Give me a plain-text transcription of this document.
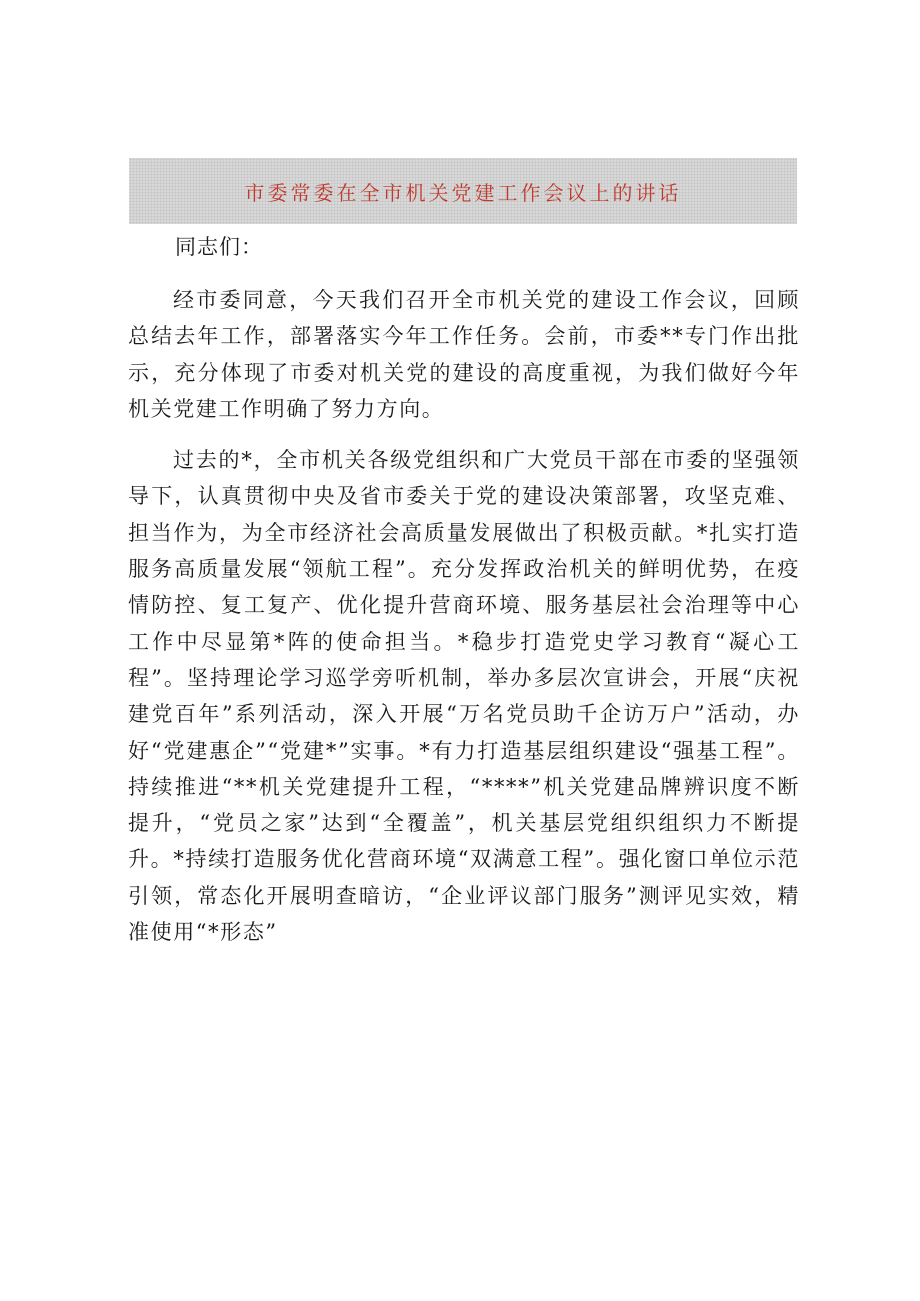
市委常委在全市机关党建工作会议上的讲话

同志们：

经市委同意，今天我们召开全市机关党的建设工作会议，回顾总结去年工作，部署落实今年工作任务。会前，市委**专门作出批示，充分体现了市委对机关党的建设的高度重视，为我们做好今年机关党建工作明确了努力方向。

过去的*，全市机关各级党组织和广大党员干部在市委的坚强领导下，认真贯彻中央及省市委关于党的建设决策部署，攻坚克难、担当作为，为全市经济社会高质量发展做出了积极贡献。*扎实打造服务高质量发展“领航工程”。充分发挥政治机关的鲜明优势，在疫情防控、复工复产、优化提升营商环境、服务基层社会治理等中心工作中尽显第*阵的使命担当。*稳步打造党史学习教育“凝心工程”。坚持理论学习巡学旁听机制，举办多层次宣讲会，开展“庆祝建党百年”系列活动，深入开展“万名党员助千企访万户”活动，办好“党建惠企”“党建*”实事。*有力打造基层组织建设“强基工程”。持续推进“**机关党建提升工程，“****”机关党建品牌辨识度不断提升，“党员之家”达到“全覆盖”，机关基层党组织组织力不断提升。*持续打造服务优化营商环境“双满意工程”。强化窗口单位示范引领，常态化开展明查暗访，“企业评议部门服务”测评见实效，精准使用“*形态”
